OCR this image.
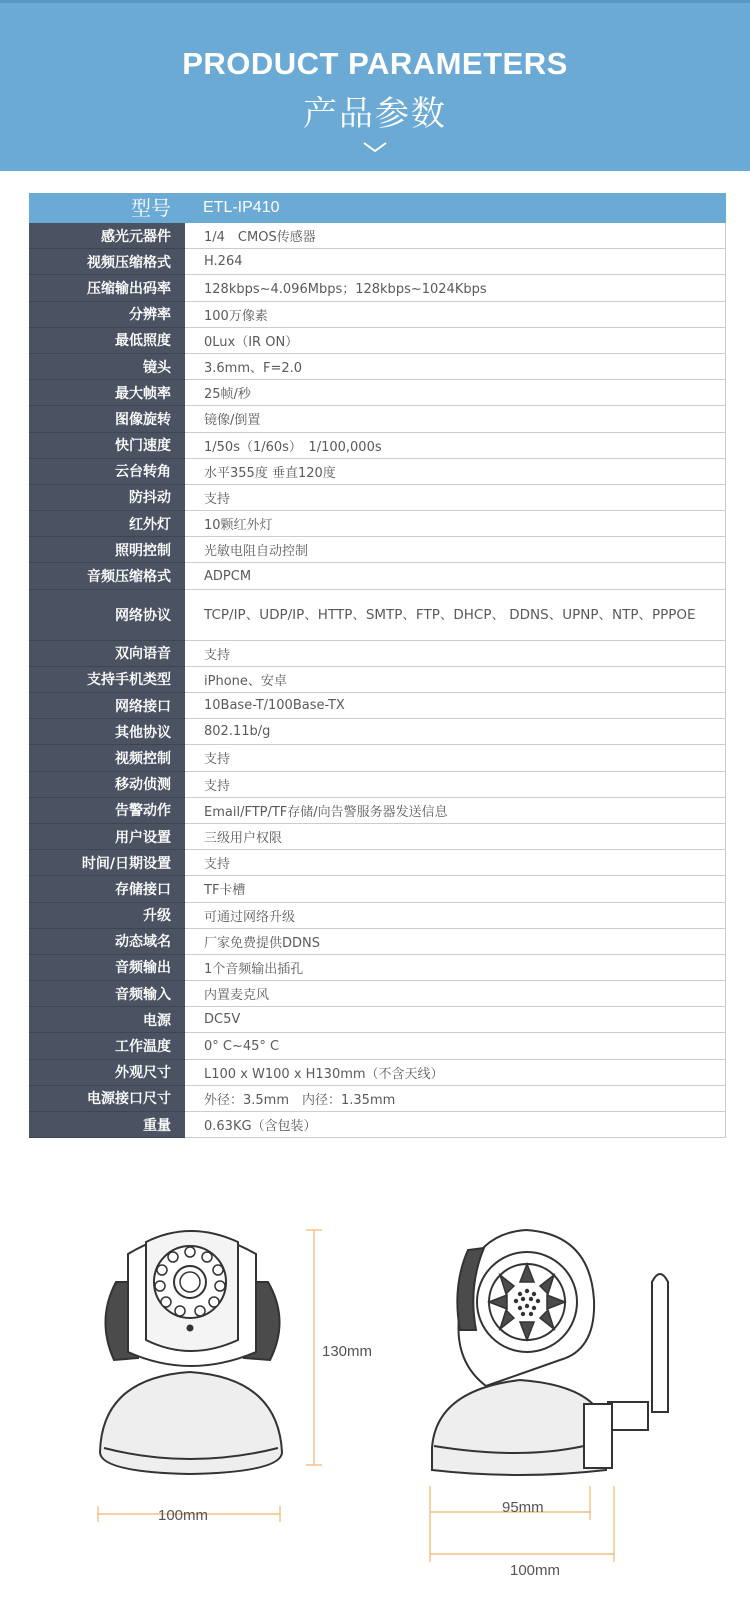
PRODUCT PARAMETERS
产品参数
型号	ETL-IP410
感光元器件	1/4　CMOS传感器
视频压缩格式	H.264
压缩输出码率	128kbps~4.096Mbps；128kbps~1024Kbps
分辨率	100万像素
最低照度	0Lux（IR ON）
镜头	3.6mm、F=2.0
最大帧率	25帧/秒
图像旋转	镜像/倒置
快门速度	1/50s（1/60s）　1/100,000s
云台转角	水平355度 垂直120度
防抖动	支持
红外灯	10颗红外灯
照明控制	光敏电阻自动控制
音频压缩格式	ADPCM
网络协议	TCP/IP、UDP/IP、HTTP、SMTP、FTP、DHCP、 DDNS、UPNP、NTP、PPPOE
双向语音	支持
支持手机类型	iPhone、安卓
网络接口	10Base-T/100Base-TX
其他协议	802.11b/g
视频控制	支持
移动侦测	支持
告警动作	Email/FTP/TF存储/向告警服务器发送信息
用户设置	三级用户权限
时间/日期设置	支持
存储接口	TF卡槽
升级	可通过网络升级
动态域名	厂家免费提供DDNS
音频输出	1个音频输出插孔
音频输入	内置麦克风
电源	DC5V
工作温度	0° C~45° C
外观尺寸	L100 x W100 x H130mm（不含天线）
电源接口尺寸	外径：3.5mm　内径：1.35mm
重量	0.63KG（含包装）
130mm
100mm	95mm
100mm
